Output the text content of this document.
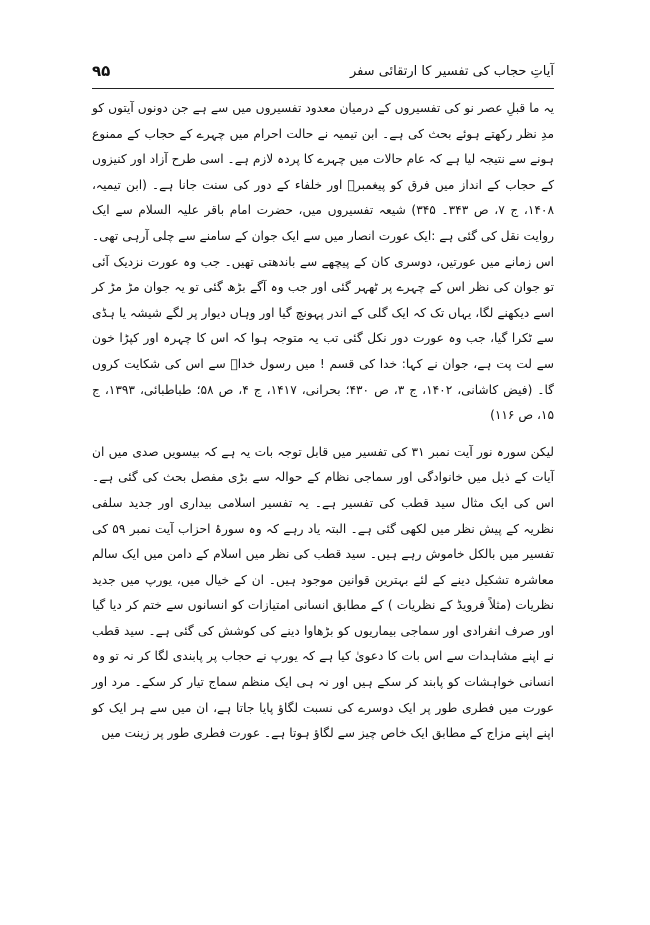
۹۵	آیاتِ حجاب کی تفسیر کا ارتقائی سفر

یہ ما قبلِ عصر نو کی تفسیروں کے درمیان معدود تفسیروں میں سے ہے جن دونوں آیتوں کو مدِ نظر رکھتے ہوئے بحث کی ہے۔ ابن تیمیہ نے حالت احرام میں چہرے کے حجاب کے ممنوع ہونے سے نتیجہ لیا ہے کہ عام حالات میں چہرے کا پردہ لازم ہے۔ اسی طرح آزاد اور کنیزوں کے حجاب کے انداز میں فرق کو پیغمبرؐ اور خلفاء کے دور کی سنت جانا ہے۔ (ابن تیمیہ، ۱۴۰۸، ج ۷، ص ۳۴۳۔ ۳۴۵) شیعہ تفسیروں میں، حضرت امام باقر علیہ السلام سے ایک روایت نقل کی گئی ہے :ایک عورت انصار میں سے ایک جوان کے سامنے سے چلی آرہی تھی۔ اس زمانے میں عورتیں، دوسری کان کے پیچھے سے باندھتی تھیں۔ جب وہ عورت نزدیک آئی تو جوان کی نظر اس کے چہرے پر ٹھہر گئی اور جب وہ آگے بڑھ گئی تو یہ جوان مڑ مڑ کر اسے دیکھنے لگا، یہاں تک کہ ایک گلی کے اندر پہونچ گیا اور وہاں دیوار پر لگے شیشہ یا ہڈی سے ٹکرا گیا، جب وہ عورت دور نکل گئی تب یہ متوجہ ہوا کہ اس کا چہرہ اور کپڑا خون سے لت پت ہے، جوان نے کہا: خدا کی قسم ! میں رسول خداؐ سے اس کی شکایت کروں گا۔ (فیض کاشانی، ۱۴۰۲، ج ۳، ص ۴۳۰؛ بحرانی، ۱۴۱۷، ج ۴، ص ۵۸؛ طباطبائی، ۱۳۹۳، ج ۱۵، ص ۱۱۶)

لیکن سورہ نور آیت نمبر ۳۱ کی تفسیر میں قابل توجہ بات یہ ہے کہ بیسویں صدی میں ان آیات کے ذیل میں خانوادگی اور سماجی نظام کے حوالہ سے بڑی مفصل بحث کی گئی ہے۔ اس کی ایک مثال سید قطب کی تفسیر ہے۔ یہ تفسیر اسلامی بیداری اور جدید سلفی نظریہ کے پیش نظر میں لکھی گئی ہے۔ البتہ یاد رہے کہ وہ سورۂ احزاب آیت نمبر ۵۹ کی تفسیر میں بالکل خاموش رہے ہیں۔ سید قطب کی نظر میں اسلام کے دامن میں ایک سالم معاشرہ تشکیل دینے کے لئے بہترین قوانین موجود ہیں۔ ان کے خیال میں، یورپ میں جدید نظریات (مثلاً فرویڈ کے نظریات ) کے مطابق انسانی امتیازات کو انسانوں سے ختم کر دیا گیا اور صرف انفرادی اور سماجی بیماریوں کو بڑھاوا دینے کی کوشش کی گئی ہے۔ سید قطب نے اپنے مشاہدات سے اس بات کا دعویٰ کیا ہے کہ یورپ نے حجاب پر پابندی لگا کر نہ تو وہ انسانی خواہشات کو پابند کر سکے ہیں اور نہ ہی ایک منظم سماج تیار کر سکے۔ مرد اور عورت میں فطری طور پر ایک دوسرے کی نسبت لگاؤ پایا جاتا ہے، ان میں سے ہر ایک کو اپنے اپنے مزاج کے مطابق ایک خاص چیز سے لگاؤ ہوتا ہے۔ عورت فطری طور پر زینت میں
